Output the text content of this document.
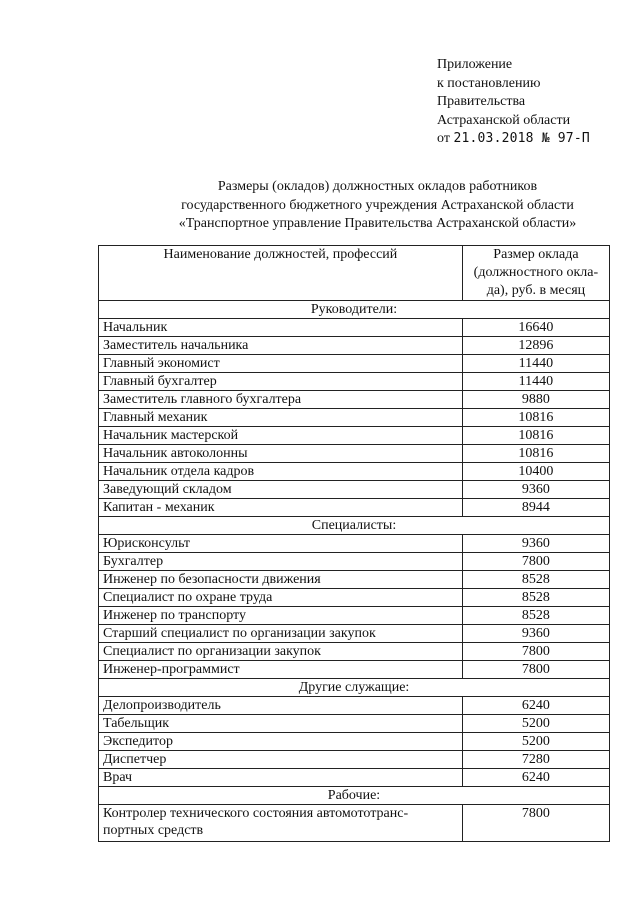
Приложение
к постановлению
Правительства
Астраханской области
от 21.03.2018 № 97-П
Размеры (окладов) должностных окладов работников
государственного бюджетного учреждения Астраханской области
«Транспортное управление Правительства Астраханской области»
Наименование должностей, профессий	Размер оклада (должностного окла-да), руб. в месяц
Руководители:	
Начальник	16640
Заместитель начальника	12896
Главный экономист	11440
Главный бухгалтер	11440
Заместитель главного бухгалтера	9880
Главный механик	10816
Начальник мастерской	10816
Начальник автоколонны	10816
Начальник отдела кадров	10400
Заведующий складом	9360
Капитан - механик	8944
Специалисты:	
Юрисконсульт	9360
Бухгалтер	7800
Инженер по безопасности движения	8528
Специалист по охране труда	8528
Инженер по транспорту	8528
Старший специалист по организации закупок	9360
Специалист по организации закупок	7800
Инженер-программист	7800
Другие служащие:	
Делопроизводитель	6240
Табельщик	5200
Экспедитор	5200
Диспетчер	7280
Врач	6240
Рабочие:	
Контролер технического состояния автомототранс-портных средств	7800
